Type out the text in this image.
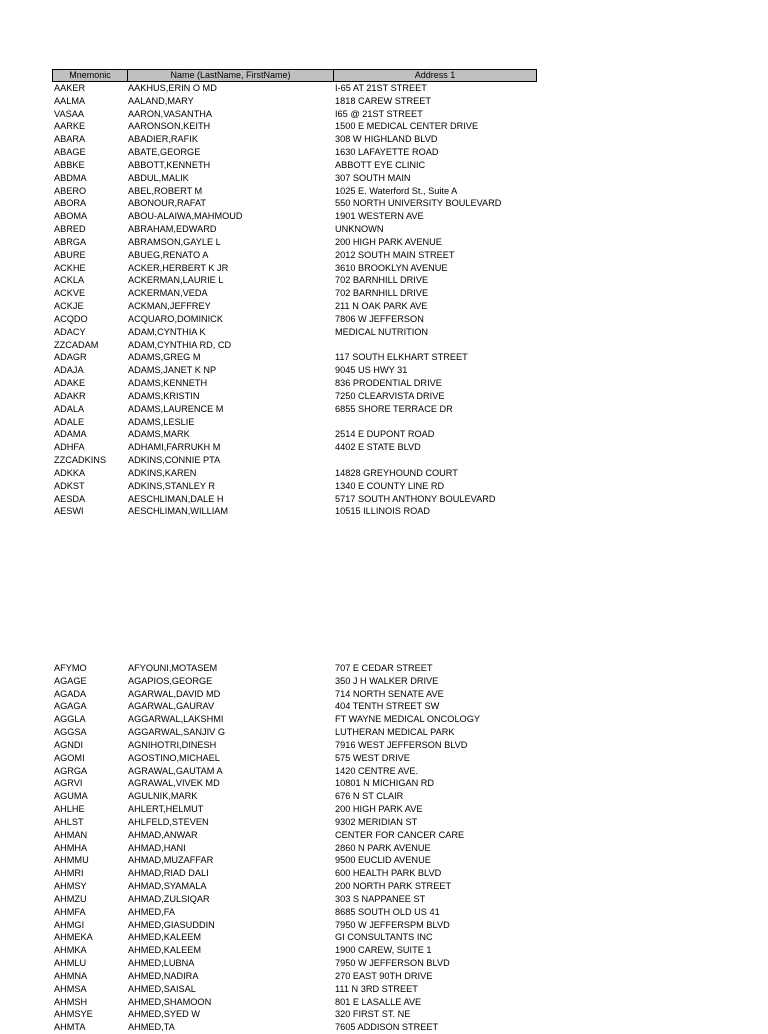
Mnemonic	Name (LastName, FirstName)	Address 1
AAKER	AAKHUS,ERIN O MD	I-65 AT 21ST STREET
AALMA	AALAND,MARY	1818 CAREW STREET
VASAA	AARON,VASANTHA	I65 @ 21ST STREET
AARKE	AARONSON,KEITH	1500 E MEDICAL CENTER DRIVE
ABARA	ABADIER,RAFIK	308 W HIGHLAND BLVD
ABAGE	ABATE,GEORGE	1630 LAFAYETTE ROAD
ABBKE	ABBOTT,KENNETH	ABBOTT EYE CLINIC
ABDMA	ABDUL,MALIK	307 SOUTH MAIN
ABERO	ABEL,ROBERT M	1025 E. Waterford St., Suite A
ABORA	ABONOUR,RAFAT	550 NORTH UNIVERSITY BOULEVARD
ABOMA	ABOU-ALAIWA,MAHMOUD	1901 WESTERN AVE
ABRED	ABRAHAM,EDWARD	UNKNOWN
ABRGA	ABRAMSON,GAYLE L	200 HIGH PARK AVENUE
ABURE	ABUEG,RENATO A	2012 SOUTH MAIN STREET
ACKHE	ACKER,HERBERT K JR	3610 BROOKLYN AVENUE
ACKLA	ACKERMAN,LAURIE L	702 BARNHILL DRIVE
ACKVE	ACKERMAN,VEDA	702 BARNHILL DRIVE
ACKJE	ACKMAN,JEFFREY	211 N OAK PARK AVE
ACQDO	ACQUARO,DOMINICK	7806 W JEFFERSON
ADACY	ADAM,CYNTHIA K	MEDICAL NUTRITION
ZZCADAM	ADAM,CYNTHIA RD, CD
ADAGR	ADAMS,GREG M	117 SOUTH ELKHART STREET
ADAJA	ADAMS,JANET K NP	9045 US HWY 31
ADAKE	ADAMS,KENNETH	836 PRODENTIAL DRIVE
ADAKR	ADAMS,KRISTIN	7250 CLEARVISTA DRIVE
ADALA	ADAMS,LAURENCE M	6855 SHORE TERRACE DR
ADALE	ADAMS,LESLIE
ADAMA	ADAMS,MARK	2514 E DUPONT ROAD
ADHFA	ADHAMI,FARRUKH M	4402 E STATE BLVD
ZZCADKINS	ADKINS,CONNIE PTA
ADKKA	ADKINS,KAREN	14828 GREYHOUND COURT
ADKST	ADKINS,STANLEY R	1340 E COUNTY LINE RD
AESDA	AESCHLIMAN,DALE H	5717 SOUTH ANTHONY BOULEVARD
AESWI	AESCHLIMAN,WILLIAM	10515 ILLINOIS ROAD
AFYMO	AFYOUNI,MOTASEM	707 E CEDAR STREET
AGAGE	AGAPIOS,GEORGE	350 J H WALKER DRIVE
AGADA	AGARWAL,DAVID MD	714 NORTH SENATE AVE
AGAGA	AGARWAL,GAURAV	404 TENTH STREET SW
AGGLA	AGGARWAL,LAKSHMI	FT WAYNE MEDICAL ONCOLOGY
AGGSA	AGGARWAL,SANJIV G	LUTHERAN MEDICAL PARK
AGNDI	AGNIHOTRI,DINESH	7916 WEST JEFFERSON BLVD
AGOMI	AGOSTINO,MICHAEL	575 WEST DRIVE
AGRGA	AGRAWAL,GAUTAM A	1420 CENTRE AVE.
AGRVI	AGRAWAL,VIVEK MD	10801 N MICHIGAN RD
AGUMA	AGULNIK,MARK	676 N ST CLAIR
AHLHE	AHLERT,HELMUT	200 HIGH PARK AVE
AHLST	AHLFELD,STEVEN	9302 MERIDIAN ST
AHMAN	AHMAD,ANWAR	CENTER FOR CANCER CARE
AHMHA	AHMAD,HANI	2860 N PARK AVENUE
AHMMU	AHMAD,MUZAFFAR	9500 EUCLID AVENUE
AHMRI	AHMAD,RIAD DALI	600 HEALTH PARK BLVD
AHMSY	AHMAD,SYAMALA	200 NORTH PARK STREET
AHMZU	AHMAD,ZULSIQAR	303 S NAPPANEE ST
AHMFA	AHMED,FA	8685 SOUTH OLD US 41
AHMGI	AHMED,GIASUDDIN	7950 W JEFFERSPM BLVD
AHMEKA	AHMED,KALEEM	GI CONSULTANTS INC
AHMKA	AHMED,KALEEM	1900 CAREW, SUITE 1
AHMLU	AHMED,LUBNA	7950 W JEFFERSON BLVD
AHMNA	AHMED,NADIRA	270 EAST 90TH DRIVE
AHMSA	AHMED,SAISAL	111 N 3RD STREET
AHMSH	AHMED,SHAMOON	801 E LASALLE AVE
AHMSYE	AHMED,SYED W	320 FIRST ST. NE
AHMTA	AHMED,TA	7605 ADDISON STREET
